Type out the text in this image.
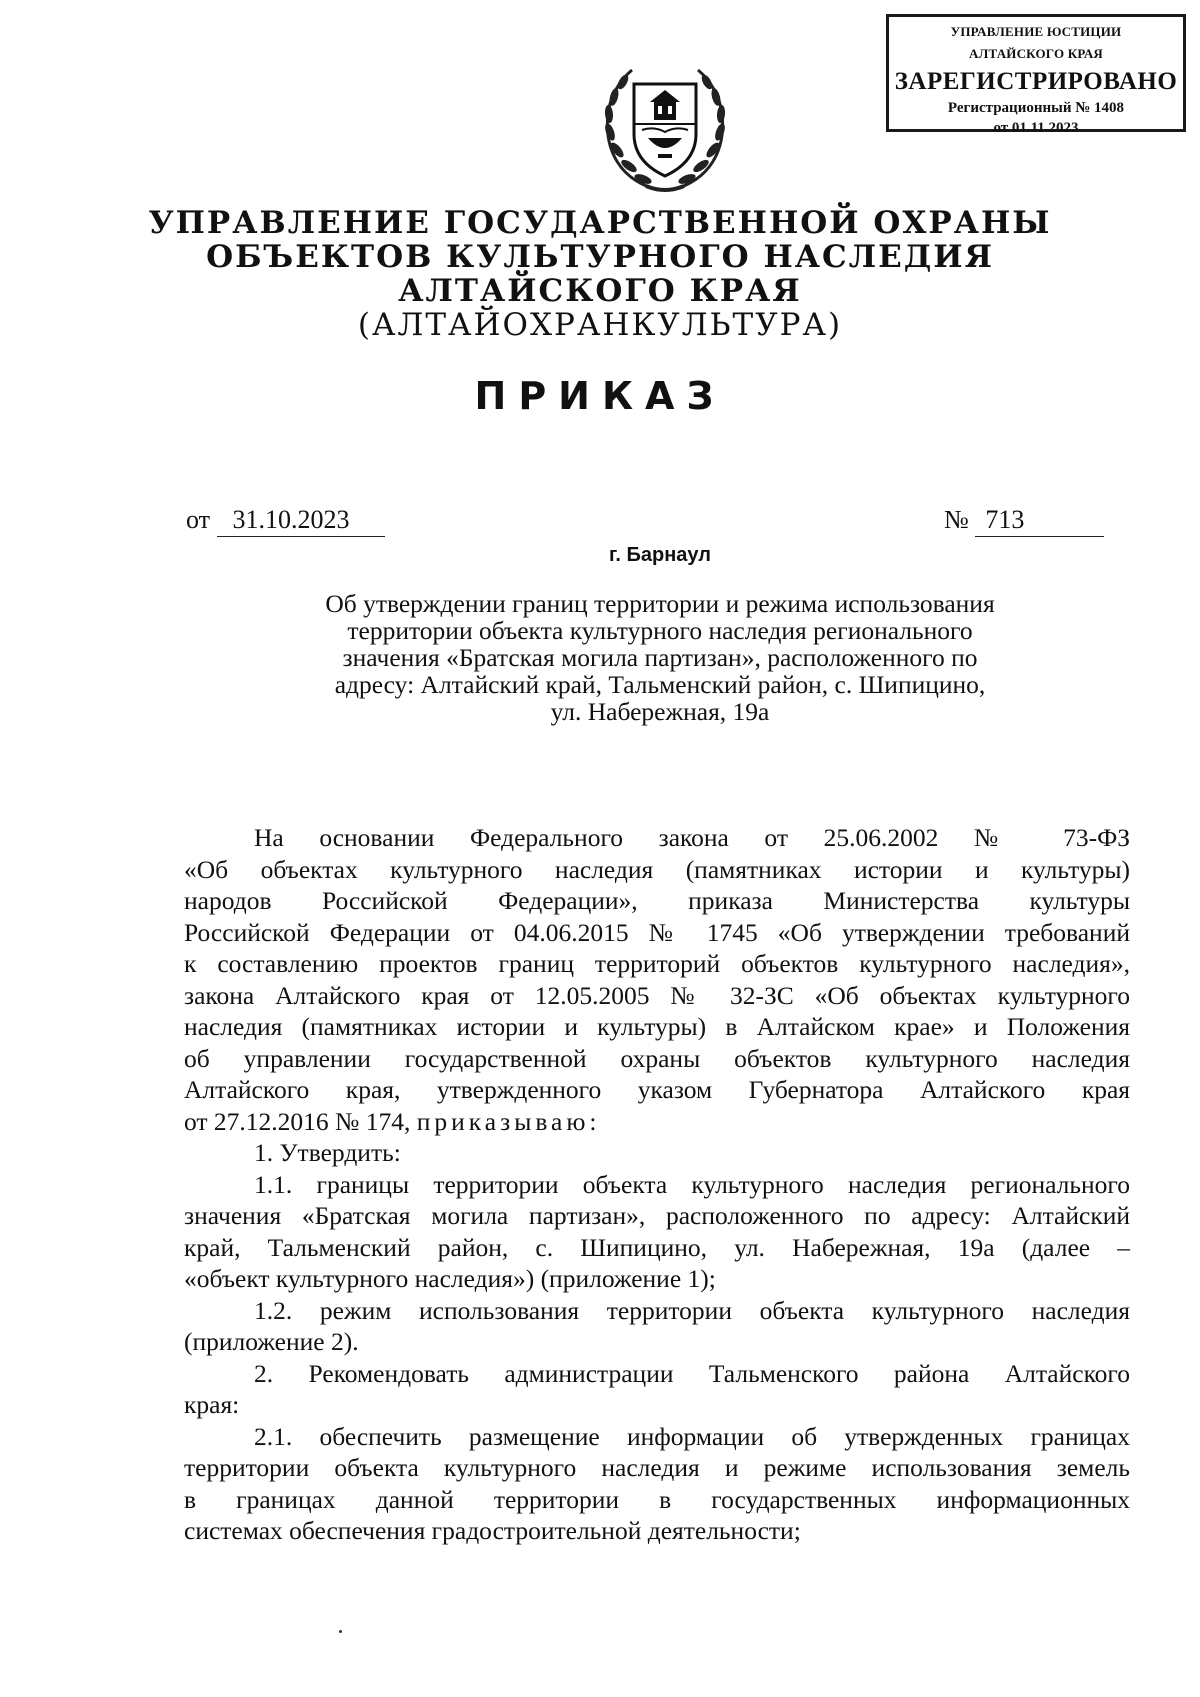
УПРАВЛЕНИЕ ЮСТИЦИИ
АЛТАЙСКОГО КРАЯ
ЗАРЕГИСТРИРОВАНО
Регистрационный № 1408
от 01.11.2023
УПРАВЛЕНИЕ ГОСУДАРСТВЕННОЙ ОХРАНЫ
ОБЪЕКТОВ КУЛЬТУРНОГО НАСЛЕДИЯ
АЛТАЙСКОГО КРАЯ
(АЛТАЙОХРАНКУЛЬТУРА)
ПРИКАЗ
от 31.10.2023	№ 713
г. Барнаул
Об утверждении границ территории и режима использования
территории объекта культурного наследия регионального
значения «Братская могила партизан», расположенного по
адресу: Алтайский край, Тальменский район, с. Шипицино,
ул. Набережная, 19а
На основании Федерального закона от 25.06.2002 № 73-ФЗ
«Об объектах культурного наследия (памятниках истории и культуры)
народов Российской Федерации», приказа Министерства культуры
Российской Федерации от 04.06.2015 № 1745 «Об утверждении требований
к составлению проектов границ территорий объектов культурного наследия»,
закона Алтайского края от 12.05.2005 № 32-ЗС «Об объектах культурного
наследия (памятниках истории и культуры) в Алтайском крае» и Положения
об управлении государственной охраны объектов культурного наследия
Алтайского края, утвержденного указом Губернатора Алтайского края
от 27.12.2016 № 174, приказываю:
1. Утвердить:
1.1. границы территории объекта культурного наследия регионального
значения «Братская могила партизан», расположенного по адресу: Алтайский
край, Тальменский район, с. Шипицино, ул. Набережная, 19а (далее –
«объект культурного наследия») (приложение 1);
1.2. режим использования территории объекта культурного наследия
(приложение 2).
2. Рекомендовать администрации Тальменского района Алтайского
края:
2.1. обеспечить размещение информации об утвержденных границах
территории объекта культурного наследия и режиме использования земель
в границах данной территории в государственных информационных
системах обеспечения градостроительной деятельности;
